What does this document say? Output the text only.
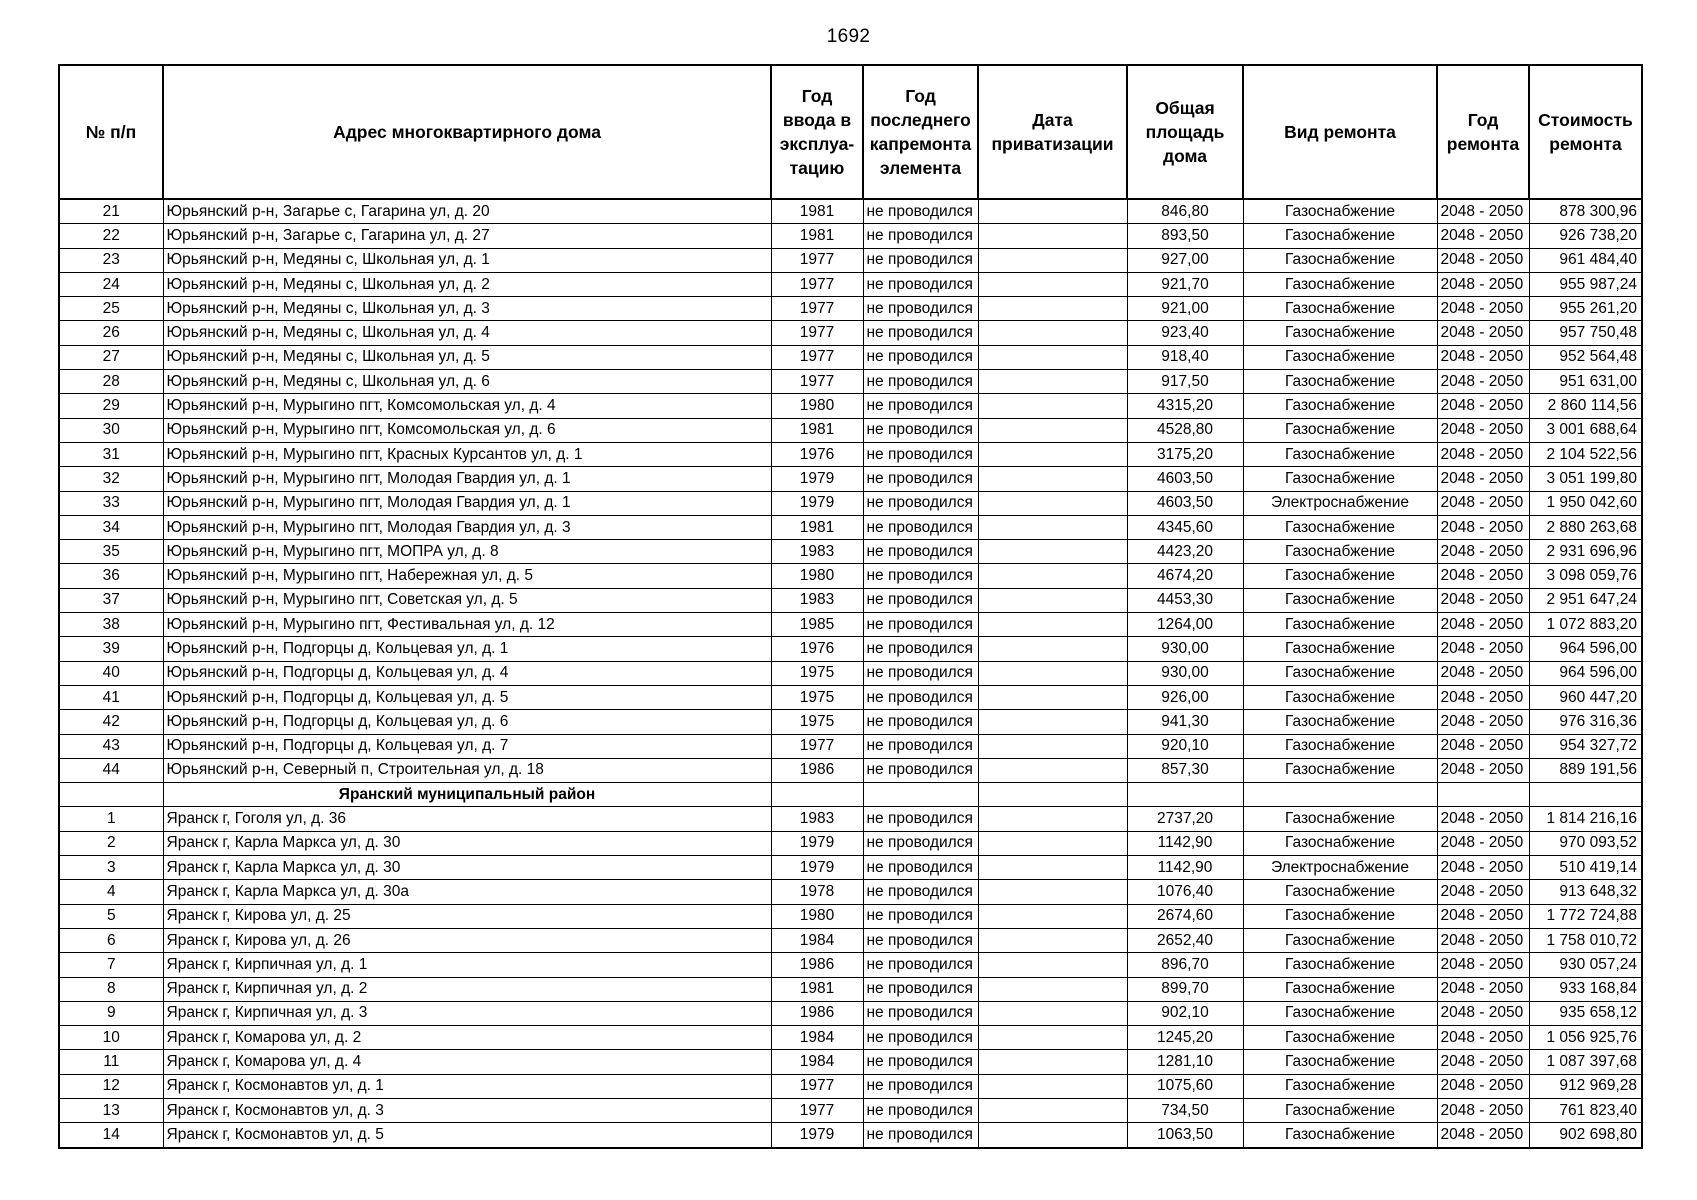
1692
№ п/п	Адрес многоквартирного дома	Год ввода в эксплуа-тацию	Год последнего капремонта элемента	Дата приватизации	Общая площадь дома	Вид ремонта	Год ремонта	Стоимость ремонта
21	Юрьянский р-н, Загарье с, Гагарина ул, д. 20	1981	не проводился		846,80	Газоснабжение	2048 - 2050	878 300,96
22	Юрьянский р-н, Загарье с, Гагарина ул, д. 27	1981	не проводился		893,50	Газоснабжение	2048 - 2050	926 738,20
23	Юрьянский р-н, Медяны с, Школьная ул, д. 1	1977	не проводился		927,00	Газоснабжение	2048 - 2050	961 484,40
24	Юрьянский р-н, Медяны с, Школьная ул, д. 2	1977	не проводился		921,70	Газоснабжение	2048 - 2050	955 987,24
25	Юрьянский р-н, Медяны с, Школьная ул, д. 3	1977	не проводился		921,00	Газоснабжение	2048 - 2050	955 261,20
26	Юрьянский р-н, Медяны с, Школьная ул, д. 4	1977	не проводился		923,40	Газоснабжение	2048 - 2050	957 750,48
27	Юрьянский р-н, Медяны с, Школьная ул, д. 5	1977	не проводился		918,40	Газоснабжение	2048 - 2050	952 564,48
28	Юрьянский р-н, Медяны с, Школьная ул, д. 6	1977	не проводился		917,50	Газоснабжение	2048 - 2050	951 631,00
29	Юрьянский р-н, Мурыгино пгт, Комсомольская ул, д. 4	1980	не проводился		4315,20	Газоснабжение	2048 - 2050	2 860 114,56
30	Юрьянский р-н, Мурыгино пгт, Комсомольская ул, д. 6	1981	не проводился		4528,80	Газоснабжение	2048 - 2050	3 001 688,64
31	Юрьянский р-н, Мурыгино пгт, Красных Курсантов ул, д. 1	1976	не проводился		3175,20	Газоснабжение	2048 - 2050	2 104 522,56
32	Юрьянский р-н, Мурыгино пгт, Молодая Гвардия ул, д. 1	1979	не проводился		4603,50	Газоснабжение	2048 - 2050	3 051 199,80
33	Юрьянский р-н, Мурыгино пгт, Молодая Гвардия ул, д. 1	1979	не проводился		4603,50	Электроснабжение	2048 - 2050	1 950 042,60
34	Юрьянский р-н, Мурыгино пгт, Молодая Гвардия ул, д. 3	1981	не проводился		4345,60	Газоснабжение	2048 - 2050	2 880 263,68
35	Юрьянский р-н, Мурыгино пгт, МОПРА ул, д. 8	1983	не проводился		4423,20	Газоснабжение	2048 - 2050	2 931 696,96
36	Юрьянский р-н, Мурыгино пгт, Набережная ул, д. 5	1980	не проводился		4674,20	Газоснабжение	2048 - 2050	3 098 059,76
37	Юрьянский р-н, Мурыгино пгт, Советская ул, д. 5	1983	не проводился		4453,30	Газоснабжение	2048 - 2050	2 951 647,24
38	Юрьянский р-н, Мурыгино пгт, Фестивальная ул, д. 12	1985	не проводился		1264,00	Газоснабжение	2048 - 2050	1 072 883,20
39	Юрьянский р-н, Подгорцы д, Кольцевая ул, д. 1	1976	не проводился		930,00	Газоснабжение	2048 - 2050	964 596,00
40	Юрьянский р-н, Подгорцы д, Кольцевая ул, д. 4	1975	не проводился		930,00	Газоснабжение	2048 - 2050	964 596,00
41	Юрьянский р-н, Подгорцы д, Кольцевая ул, д. 5	1975	не проводился		926,00	Газоснабжение	2048 - 2050	960 447,20
42	Юрьянский р-н, Подгорцы д, Кольцевая ул, д. 6	1975	не проводился		941,30	Газоснабжение	2048 - 2050	976 316,36
43	Юрьянский р-н, Подгорцы д, Кольцевая ул, д. 7	1977	не проводился		920,10	Газоснабжение	2048 - 2050	954 327,72
44	Юрьянский р-н, Северный п, Строительная ул, д. 18	1986	не проводился		857,30	Газоснабжение	2048 - 2050	889 191,56
	Яранский муниципальный район							
1	Яранск г, Гоголя ул, д. 36	1983	не проводился		2737,20	Газоснабжение	2048 - 2050	1 814 216,16
2	Яранск г, Карла Маркса ул, д. 30	1979	не проводился		1142,90	Газоснабжение	2048 - 2050	970 093,52
3	Яранск г, Карла Маркса ул, д. 30	1979	не проводился		1142,90	Электроснабжение	2048 - 2050	510 419,14
4	Яранск г, Карла Маркса ул, д. 30а	1978	не проводился		1076,40	Газоснабжение	2048 - 2050	913 648,32
5	Яранск г, Кирова ул, д. 25	1980	не проводился		2674,60	Газоснабжение	2048 - 2050	1 772 724,88
6	Яранск г, Кирова ул, д. 26	1984	не проводился		2652,40	Газоснабжение	2048 - 2050	1 758 010,72
7	Яранск г, Кирпичная ул, д. 1	1986	не проводился		896,70	Газоснабжение	2048 - 2050	930 057,24
8	Яранск г, Кирпичная ул, д. 2	1981	не проводился		899,70	Газоснабжение	2048 - 2050	933 168,84
9	Яранск г, Кирпичная ул, д. 3	1986	не проводился		902,10	Газоснабжение	2048 - 2050	935 658,12
10	Яранск г, Комарова ул, д. 2	1984	не проводился		1245,20	Газоснабжение	2048 - 2050	1 056 925,76
11	Яранск г, Комарова ул, д. 4	1984	не проводился		1281,10	Газоснабжение	2048 - 2050	1 087 397,68
12	Яранск г, Космонавтов ул, д. 1	1977	не проводился		1075,60	Газоснабжение	2048 - 2050	912 969,28
13	Яранск г, Космонавтов ул, д. 3	1977	не проводился		734,50	Газоснабжение	2048 - 2050	761 823,40
14	Яранск г, Космонавтов ул, д. 5	1979	не проводился		1063,50	Газоснабжение	2048 - 2050	902 698,80
